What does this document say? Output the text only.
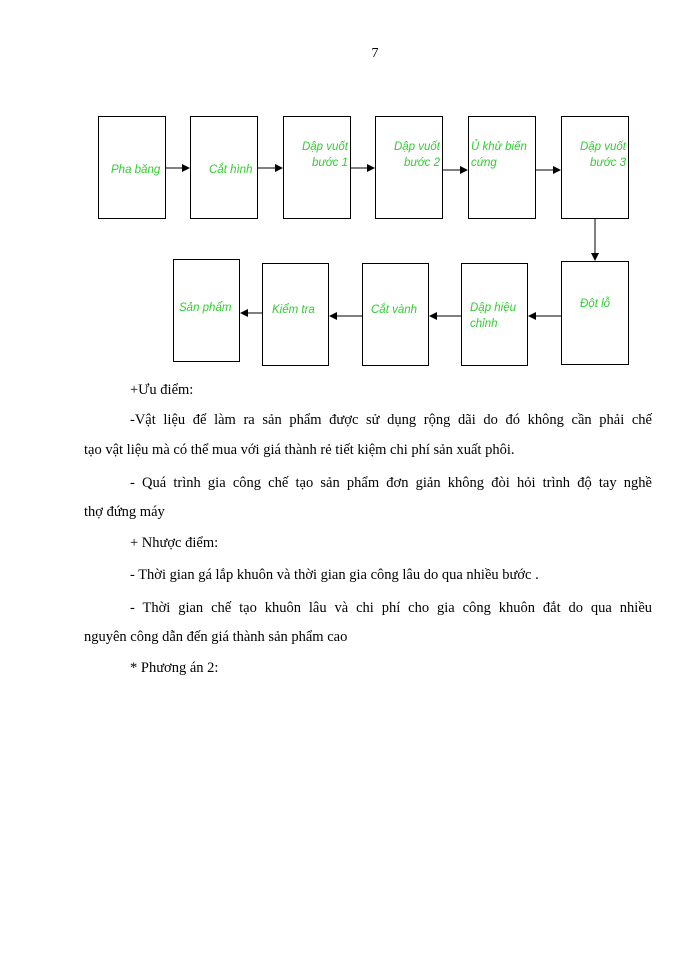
7
Pha băng	Cắt hình
Dập vuốt bước 1
Dập vuốt bước 2
Ủ khử biến cứng
Dập vuốt bước 3
Đột lỗ
Dập hiệu chỉnh
Cắt vành
Kiểm tra
Sản phẩm
+Ưu điểm:
-Vật liệu để làm ra sản phẩm được sử dụng rộng dãi do đó không cần phải chế
tạo vật liệu mà có thể mua với giá thành rẻ tiết kiệm chi phí sản xuất phôi.
- Quá trình gia công chế tạo sản phẩm đơn giản không đòi hỏi trình độ tay nghề
thợ đứng máy
+ Nhược điểm:
- Thời gian gá lắp khuôn và thời gian gia công lâu do qua nhiều bước .
- Thời gian chế tạo khuôn lâu và chi phí cho gia công khuôn đắt do qua nhiều
nguyên công dẫn đến giá thành sản phẩm cao
* Phương án 2:
